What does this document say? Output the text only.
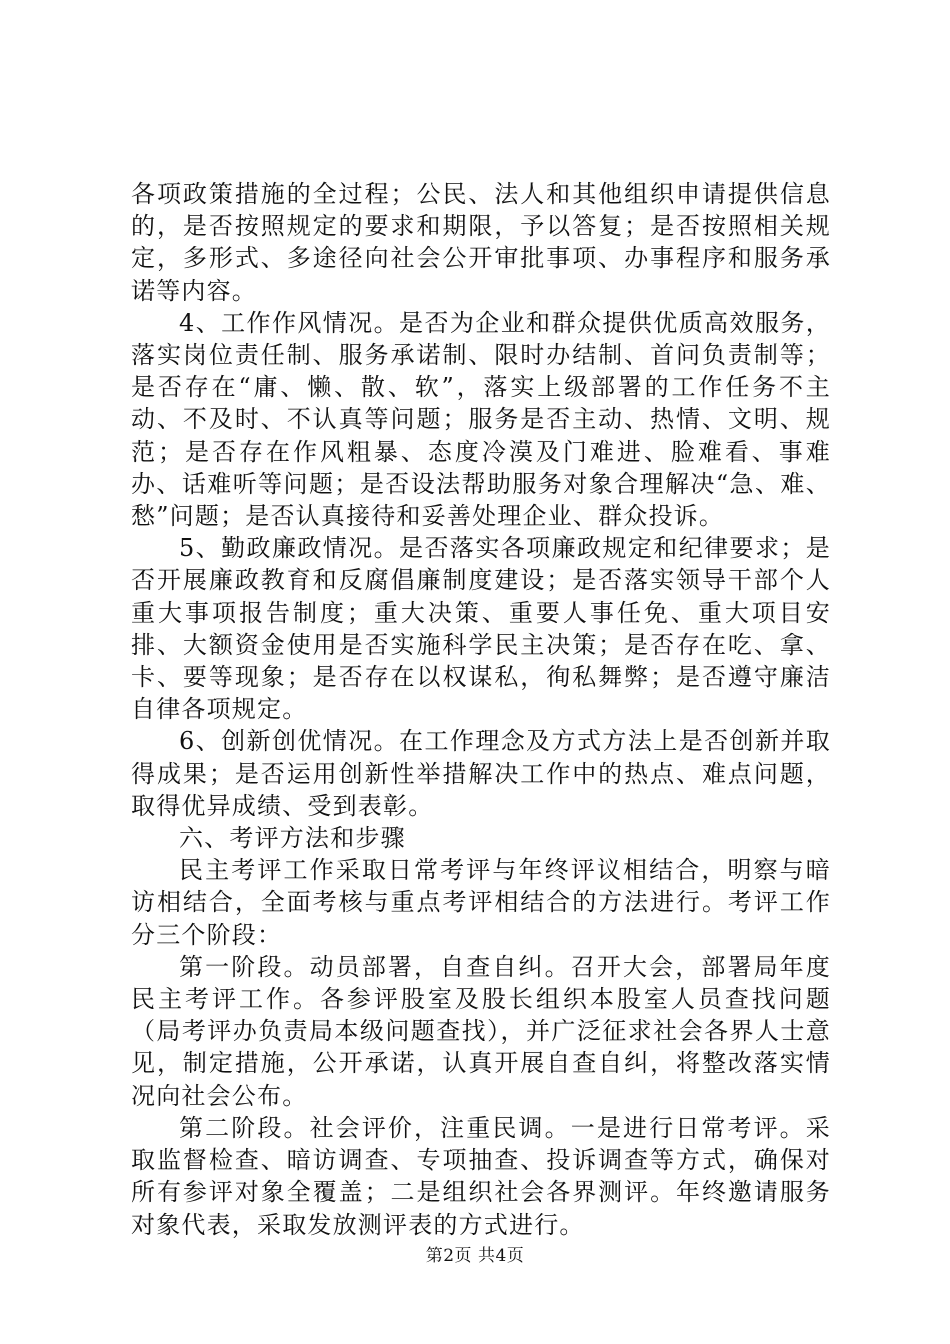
各项政策措施的全过程；公民、法人和其他组织申请提供信息的，是否按照规定的要求和期限，予以答复；是否按照相关规定，多形式、多途径向社会公开审批事项、办事程序和服务承诺等内容。

4、工作作风情况。是否为企业和群众提供优质高效服务，落实岗位责任制、服务承诺制、限时办结制、首问负责制等；是否存在“庸、懒、散、软”，落实上级部署的工作任务不主动、不及时、不认真等问题；服务是否主动、热情、文明、规范；是否存在作风粗暴、态度冷漠及门难进、脸难看、事难办、话难听等问题；是否设法帮助服务对象合理解决“急、难、愁”问题；是否认真接待和妥善处理企业、群众投诉。

5、勤政廉政情况。是否落实各项廉政规定和纪律要求；是否开展廉政教育和反腐倡廉制度建设；是否落实领导干部个人重大事项报告制度；重大决策、重要人事任免、重大项目安排、大额资金使用是否实施科学民主决策；是否存在吃、拿、卡、要等现象；是否存在以权谋私，徇私舞弊；是否遵守廉洁自律各项规定。

6、创新创优情况。在工作理念及方式方法上是否创新并取得成果；是否运用创新性举措解决工作中的热点、难点问题，取得优异成绩、受到表彰。

六、考评方法和步骤

民主考评工作采取日常考评与年终评议相结合，明察与暗访相结合，全面考核与重点考评相结合的方法进行。考评工作分三个阶段：

第一阶段。动员部署，自查自纠。召开大会，部署局年度民主考评工作。各参评股室及股长组织本股室人员查找问题（局考评办负责局本级问题查找），并广泛征求社会各界人士意见，制定措施，公开承诺，认真开展自查自纠，将整改落实情况向社会公布。

第二阶段。社会评价，注重民调。一是进行日常考评。采取监督检查、暗访调查、专项抽查、投诉调查等方式，确保对所有参评对象全覆盖；二是组织社会各界测评。年终邀请服务对象代表，采取发放测评表的方式进行。

第2页 共4页
